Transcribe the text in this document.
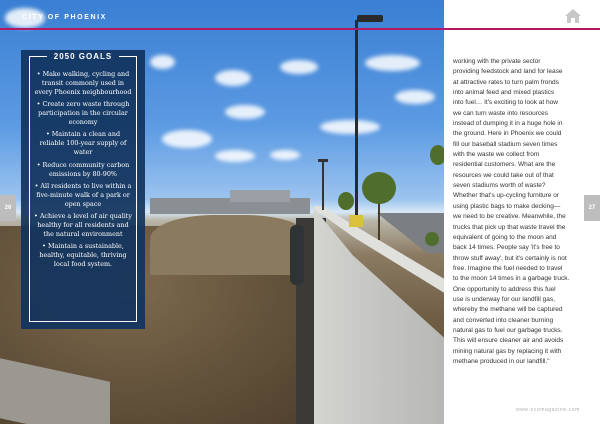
CITY OF PHOENIX
26	27
2050 GOALS
• Make walking, cycling and transit commonly used in every Phoenix neighbourhood
• Create zero waste through participation in the circular economy
• Maintain a clean and reliable 100-year supply of water
• Reduce community carbon emissions by 80-90%
• All residents to live within a five-minute walk of a park or open space
• Achieve a level of air quality healthy for all residents and the natural environment
• Maintain a sustainable, healthy, equitable, thriving local food system.

working with the private sector
providing feedstock and land for lease
at attractive rates to turn palm fronds
into animal feed and mixed plastics
into fuel… It's exciting to look at how
we can turn waste into resources
instead of dumping it in a huge hole in
the ground. Here in Phoenix we could
fill our baseball stadium seven times
with the waste we collect from
residential customers. What are the
resources we could take out of that
seven stadiums worth of waste?
Whether that's up-cycling furniture or
using plastic bags to make decking—
we need to be creative. Meanwhile, the
trucks that pick up that waste travel the
equivalent of going to the moon and
back 14 times. People say 'it's free to
throw stuff away', but it's certainly is not
free. Imagine the fuel needed to travel
to the moon 14 times in a garbage truck.
One opportunity to address this fuel
use is underway for our landfill gas,
whereby the methane will be captured
and converted into cleaner burning
natural gas to fuel our garbage trucks.
This will ensure cleaner air and avoids
mining natural gas by replacing it with
methane produced in our landfill."

www.ecomagazine.com
